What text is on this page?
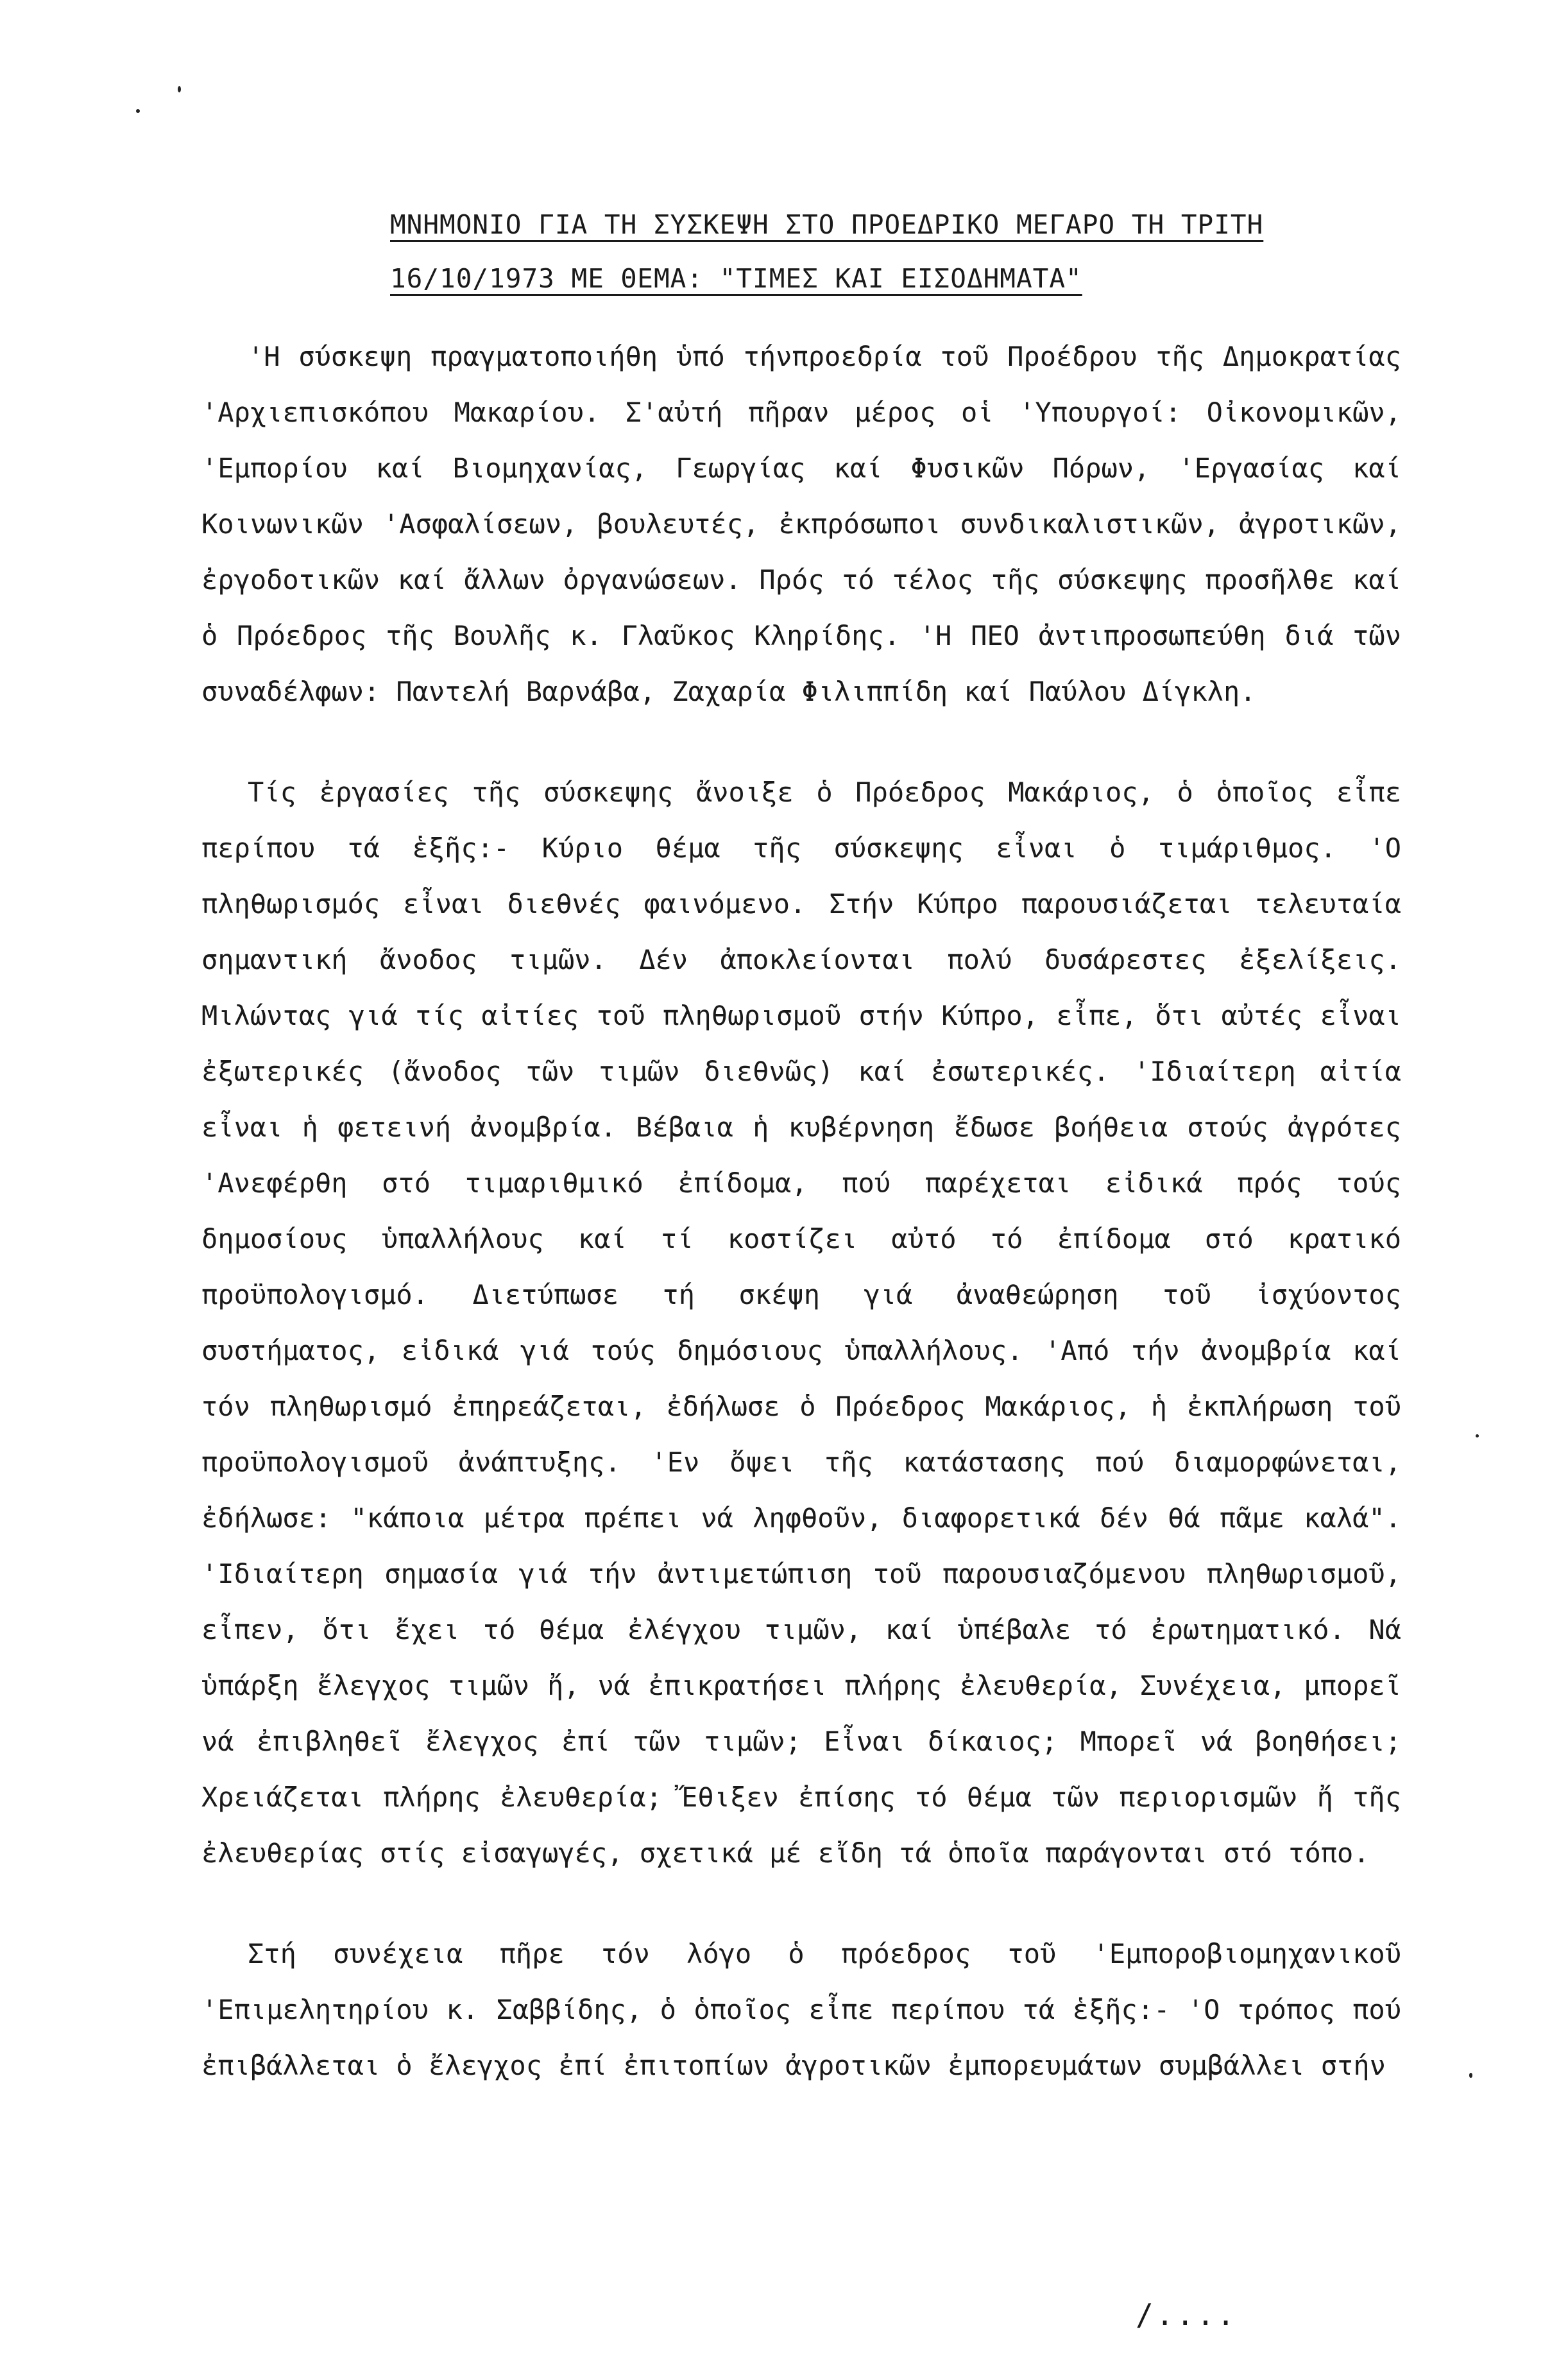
ΜΝΗΜΟΝΙΟ ΓΙΑ ΤΗ ΣΥΣΚΕΨΗ ΣΤΟ ΠΡΟΕΔΡΙΚΟ ΜΕΓΑΡΟ ΤΗ ΤΡΙΤΗ
16/10/1973 ΜΕ ΘΕΜΑ: "ΤΙΜΕΣ ΚΑΙ ΕΙΣΟΔΗΜΑΤΑ"

'Η σύσκεψη πραγματοποιήθη ὑπό τήνπροεδρία τοῦ Προέδρου τῆς Δημοκρατίας 'Αρχιεπισκόπου Μακαρίου. Σ'αὐτή πῆραν μέρος οἱ 'Υπουργοί: Οἰκονομικῶν, 'Εμπορίου καί Βιομηχανίας, Γεωργίας καί Φυσικῶν Πόρων, 'Εργασίας καί Κοινωνικῶν 'Ασφαλίσεων, βουλευτές, ἐκπρόσωποι συνδικαλιστικῶν, ἀγροτικῶν, ἐργοδοτικῶν καί ἄλλων ὀργανώσεων. Πρός τό τέλος τῆς σύσκεψης προσῆλθε καί ὁ Πρόεδρος τῆς Βουλῆς κ. Γλαῦκος Κληρίδης. 'Η ΠΕΟ ἀντιπροσωπεύθη διά τῶν συναδέλφων: Παντελή Βαρνάβα, Ζαχαρία Φιλιππίδη καί Παύλου Δίγκλη.

Τίς ἐργασίες τῆς σύσκεψης ἄνοιξε ὁ Πρόεδρος Μακάριος, ὁ ὁποῖος εἶπε περίπου τά ἑξῆς:- Κύριο θέμα τῆς σύσκεψης εἶναι ὁ τιμάριθμος. 'Ο πληθωρισμός εἶναι διεθνές φαινόμενο. Στήν Κύπρο παρουσιάζεται τελευταία σημαντική ἄνοδος τιμῶν. Δέν ἀποκλείονται πολύ δυσάρεστες ἐξελίξεις. Μιλώντας γιά τίς αἰτίες τοῦ πληθωρισμοῦ στήν Κύπρο, εἶπε, ὅτι αὐτές εἶναι ἐξωτερικές (ἄνοδος τῶν τιμῶν διεθνῶς) καί ἐσωτερικές. 'Ιδιαίτερη αἰτία εἶναι ἡ φετεινή ἀνομβρία. Βέβαια ἡ κυβέρνηση ἔδωσε βοήθεια στούς ἀγρότες 'Ανεφέρθη στό τιμαριθμικό ἐπίδομα, πού παρέχεται εἰδικά πρός τούς δημοσίους ὑπαλλήλους καί τί κοστίζει αὐτό τό ἐπίδομα στό κρατικό προϋπολογισμό. Διετύπωσε τή σκέψη γιά ἀναθεώρηση τοῦ ἰσχύοντος συστήματος, εἰδικά γιά τούς δημόσιους ὑπαλλήλους. 'Από τήν ἀνομβρία καί τόν πληθωρισμό ἐπηρεάζεται, ἐδήλωσε ὁ Πρόεδρος Μακάριος, ἡ ἐκπλήρωση τοῦ προϋπολογισμοῦ ἀνάπτυξης. 'Εν ὄψει τῆς κατάστασης πού διαμορφώνεται, ἐδήλωσε: "κάποια μέτρα πρέπει νά ληφθοῦν, διαφορετικά δέν θά πᾶμε καλά". 'Ιδιαίτερη σημασία γιά τήν ἀντιμετώπιση τοῦ παρουσιαζόμενου πληθωρισμοῦ, εἶπεν, ὅτι ἔχει τό θέμα ἐλέγχου τιμῶν, καί ὑπέβαλε τό ἐρωτηματικό. Νά ὑπάρξη ἔλεγχος τιμῶν ἤ, νά ἐπικρατήσει πλήρης ἐλευθερία, Συνέχεια, μπορεῖ νά ἐπιβληθεῖ ἔλεγχος ἐπί τῶν τιμῶν; Εἶναι δίκαιος; Μπορεῖ νά βοηθήσει; Χρειάζεται πλήρης ἐλευθερία; Ἔθιξεν ἐπίσης τό θέμα τῶν περιορισμῶν ἤ τῆς ἐλευθερίας στίς εἰσαγωγές, σχετικά μέ εἴδη τά ὁποῖα παράγονται στό τόπο.

Στή συνέχεια πῆρε τόν λόγο ὁ πρόεδρος τοῦ 'Εμποροβιομηχανικοῦ 'Επιμελητηρίου κ. Σαββίδης, ὁ ὁποῖος εἶπε περίπου τά ἑξῆς:- 'Ο τρόπος πού ἐπιβάλλεται ὁ ἔλεγχος ἐπί ἐπιτοπίων ἀγροτικῶν ἐμπορευμάτων συμβάλλει στήν

/....
